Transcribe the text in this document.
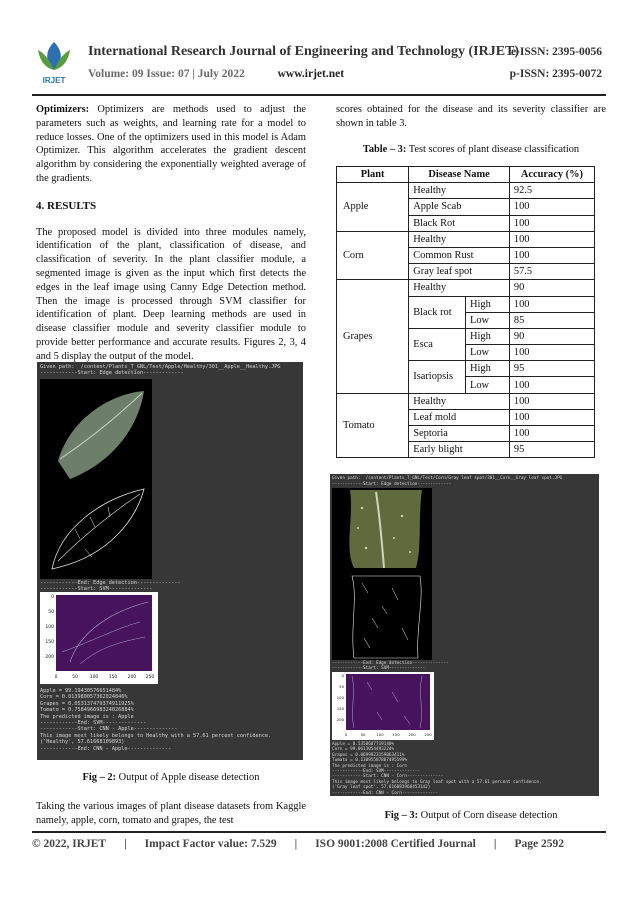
IRJET
International Research Journal of Engineering and Technology (IRJET)
e-ISSN: 2395-0056
Volume: 09 Issue: 07 | July 2022	www.irjet.net	p-ISSN: 2395-0072

Optimizers: Optimizers are methods used to adjust the parameters such as weights, and learning rate for a model to reduce losses. One of the optimizers used in this model is Adam Optimizer. This algorithm accelerates the gradient descent algorithm by considering the exponentially weighted average of the gradients.

4. RESULTS

The proposed model is divided into three modules namely, identification of the plant, classification of disease, and classification of severity. In the plant classifier module, a segmented image is given as the input which first detects the edges in the leaf image using Canny Edge Detection method. Then the image is processed through SVM classifier for identification of plant. Deep learning methods are used in disease classifier module and severity classifier module to provide better performance and accurate results. Figures 2, 3, 4 and 5 display the output of the model.

Given path:  /content/Plants_T_GNL/Test/Apple/Healthy/301__Apple__Healthy.JPG
------------Start: Edge detection-------------
------------End: Edge detection--------------
------------Start: SVM--------------
0
50
100
150
200
0	50	100 150 200 250
Apple = 99.19430576651484%
Corn = 0.013980057362024846%
Grapes = 0.053137479374911925%
Tomato = 0.758496698324026884%
The predicted image is : Apple
------------End: SVM--------------
------------Start: CNN - Apple--------------
This image most likely belongs to Healthy with a 57.61 percent confidence.
('Healthy', 57.61668109893)
------------End: CNN - Apple--------------
Fig – 2: Output of Apple disease detection
Taking the various images of plant disease datasets from Kaggle namely, apple, corn, tomato and grapes, the test
scores obtained for the disease and its severity classifier are shown in table 3.
Table – 3: Test scores of plant disease classification
Plant	Disease Name		Accuracy (%)
Apple	Healthy		92.5
	Apple Scab		100
	Black Rot		100
Corn	Healthy		100
	Common Rust		100
	Gray leaf spot		57.5
Grapes	Healthy		90
	Black rot	High	100
		Low	85
	Esca	High	90
		Low	100
	Isariopsis	High	95
		Low	100
Tomato	Healthy		100
	Leaf mold		100
	Septoria		100
	Early blight		95
Given path:  /content/Plants_T_GNL/Test/Corn/Gray leaf spot/301__Corn__Gray leaf spot.JPG
------------Start: Edge detection-------------
------------End: Edge detection--------------
------------Start: SVM--------------
0
50
100
150
200
0	50	100 150 200 250
Apple = 0.5350607719140%
Corn = 99.0613054493224%
Grapes = 0.0699923159063411%
Tomato = 0.13095587807495599%
The predicted image is : Corn
------------End: SVM--------------
------------Start: CNN - Corn--------------
This image most likely belongs to Gray leaf spot with a 57.61 percent confidence.
('Gray leaf spot', 57.616082968453142)
------------End: CNN - Corn--------------
Fig – 3: Output of Corn disease detection
© 2022, IRJET | Impact Factor value: 7.529 | ISO 9001:2008 Certified Journal | Page 2592
